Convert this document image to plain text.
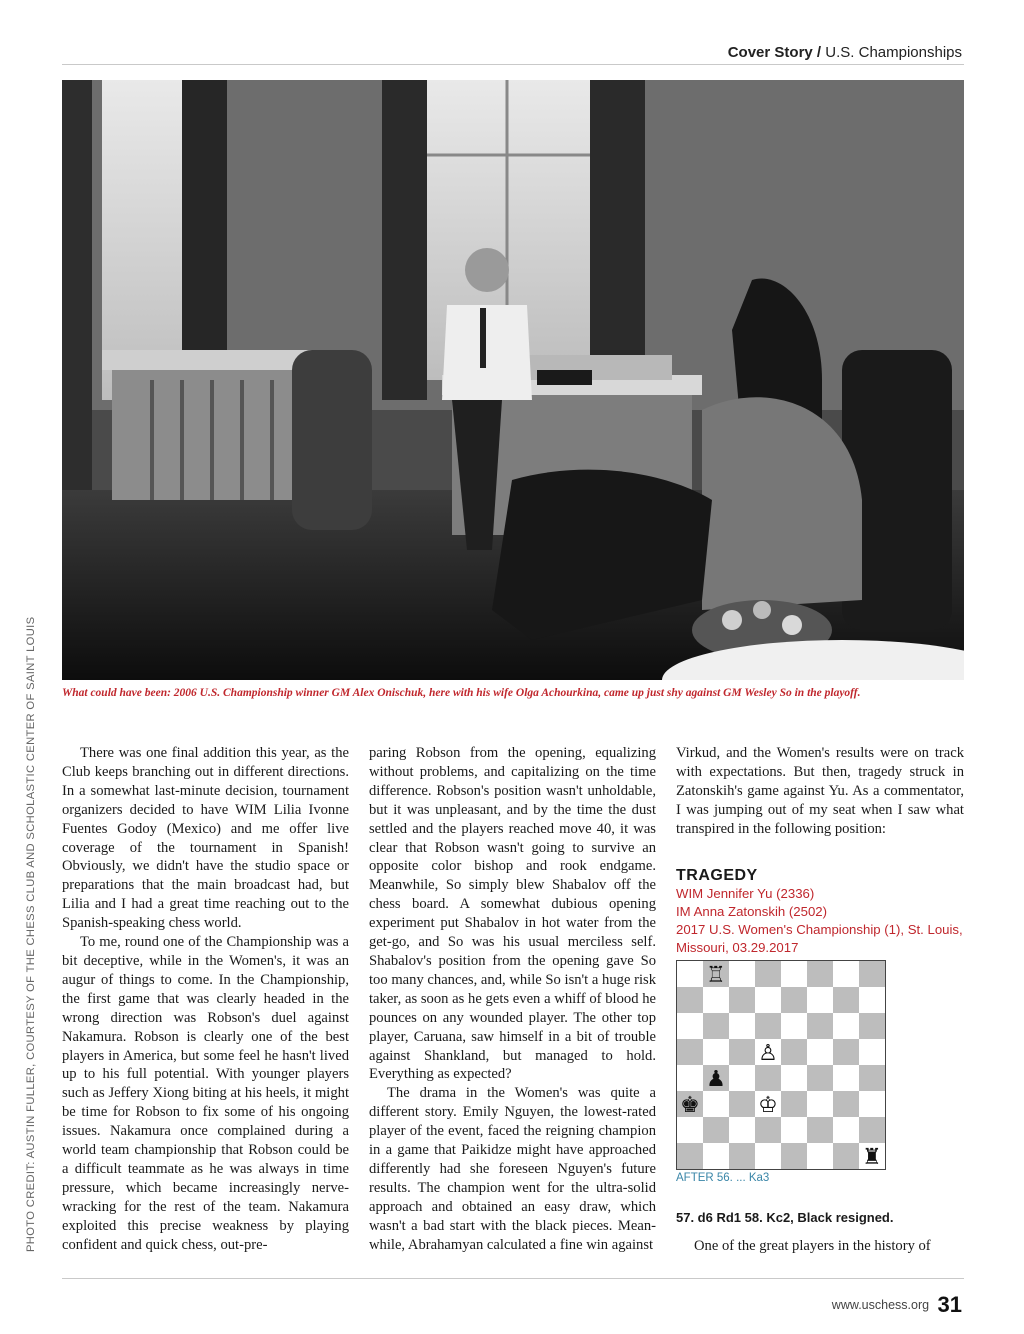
Cover Story / U.S. Championships
PHOTO CREDIT: AUSTIN FULLER, COURTESY OF THE CHESS CLUB AND SCHOLASTIC CENTER OF SAINT LOUIS What could have been: 2006 U.S. Championship winner GM Alex Onischuk, here with his wife Olga Achourkina, came up just shy against GM Wesley So in the playoff.

There was one final addition this year, as the Club keeps branching out in different directions. In a somewhat last-minute decision, tournament organizers decided to have WIM Lilia Ivonne Fuentes Godoy (Mexico) and me offer live coverage of the tournament in Spanish! Obviously, we didn't have the studio space or preparations that the main broadcast had, but Lilia and I had a great time reaching out to the Spanish-speaking chess world.

To me, round one of the Championship was a bit deceptive, while in the Women's, it was an augur of things to come. In the Championship, the first game that was clearly headed in the wrong direction was Robson's duel against Nakamura. Robson is clearly one of the best players in America, but some feel he hasn't lived up to his full potential. With younger players such as Jeffery Xiong biting at his heels, it might be time for Robson to fix some of his ongoing issues. Nakamura once complained during a world team championship that Robson could be a difficult teammate as he was always in time pressure, which became increasingly nerve-wracking for the rest of the team. Nakamura exploited this precise weakness by playing confident and quick chess, out-pre-

paring Robson from the opening, equalizing without problems, and capitalizing on the time difference. Robson's position wasn't unholdable, but it was unpleasant, and by the time the dust settled and the players reached move 40, it was clear that Robson wasn't going to survive an opposite color bishop and rook endgame. Meanwhile, So simply blew Shabalov off the chess board. A somewhat dubious opening experiment put Shabalov in hot water from the get-go, and So was his usual merciless self. Shabalov's position from the opening gave So too many chances, and, while So isn't a huge risk taker, as soon as he gets even a whiff of blood he pounces on any wounded player. The other top player, Caruana, saw himself in a bit of trouble against Shankland, but managed to hold. Everything as expected?

The drama in the Women's was quite a different story. Emily Nguyen, the lowest-rated player of the event, faced the reigning champion in a game that Paikidze might have approached differently had she foreseen Nguyen's future results. The champion went for the ultra-solid approach and obtained an easy draw, which wasn't a bad start with the black pieces. Meanwhile, Abrahamyan calculated a fine win against

Virkud, and the Women's results were on track with expectations. But then, tragedy struck in Zatonskih's game against Yu. As a commentator, I was jumping out of my seat when I saw what transpired in the following position:

TRAGEDY

WIM Jennifer Yu (2336)
IM Anna Zatonskih (2502)
2017 U.S. Women's Championship (1), St. Louis, Missouri, 03.29.2017
♖
♙
♟
♚	♔
♜
AFTER 56. ... Ka3
57. d6 Rd1 58. Kc2, Black resigned.
One of the great players in the history of
www.uschess.org 31
